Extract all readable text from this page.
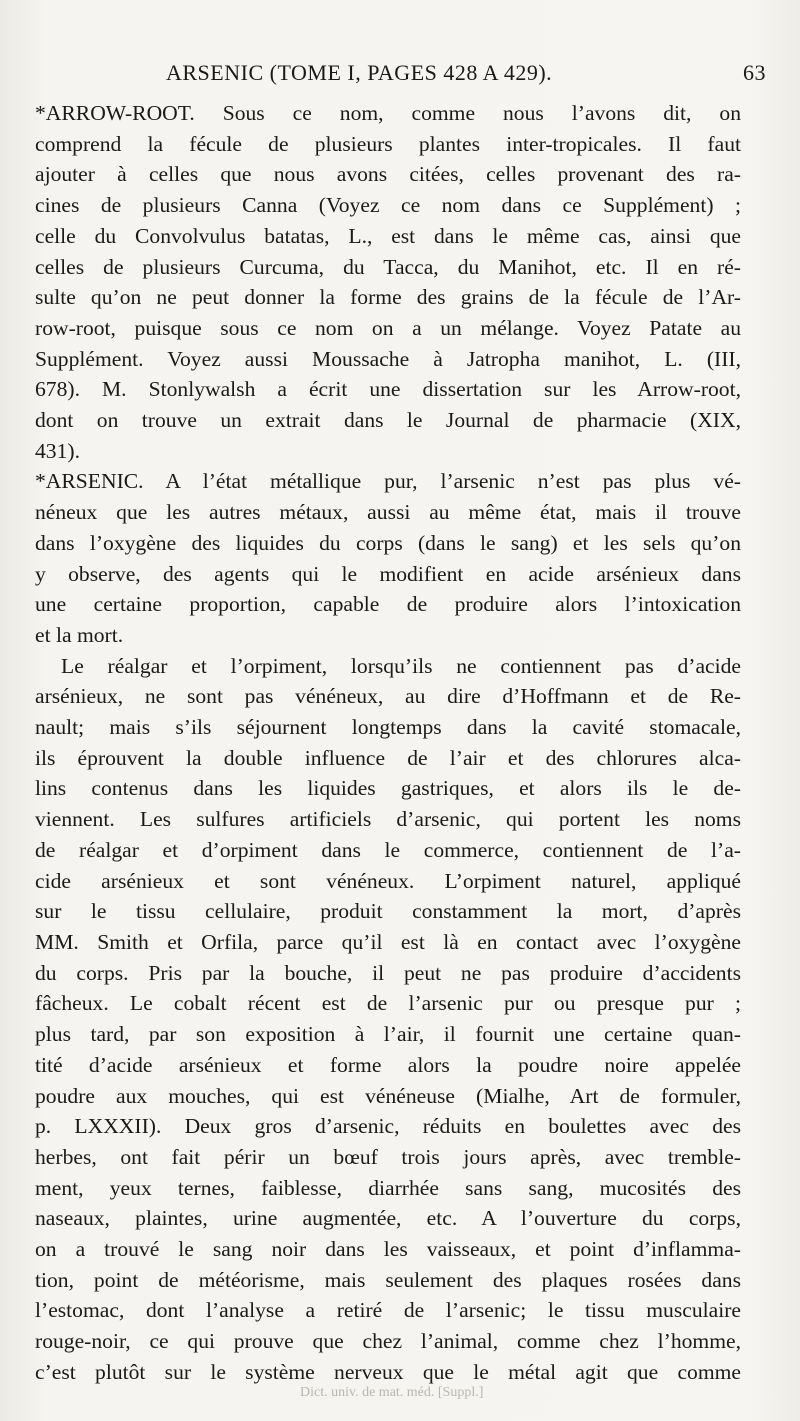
ARSENIC (TOME I, PAGES 428 A 429).	63

*ARROW-ROOT. Sous ce nom, comme nous l’avons dit, on
comprend la fécule de plusieurs plantes inter-tropicales. Il faut
ajouter à celles que nous avons citées, celles provenant des ra-
cines de plusieurs Canna (Voyez ce nom dans ce Supplément) ;
celle du Convolvulus batatas, L., est dans le même cas, ainsi que
celles de plusieurs Curcuma, du Tacca, du Manihot, etc. Il en ré-
sulte qu’on ne peut donner la forme des grains de la fécule de l’Ar-
row-root, puisque sous ce nom on a un mélange. Voyez Patate au
Supplément. Voyez aussi Moussache à Jatropha manihot, L. (III,
678). M. Stonlywalsh a écrit une dissertation sur les Arrow-root,
dont on trouve un extrait dans le Journal de pharmacie (XIX,
431).

*ARSENIC. A l’état métallique pur, l’arsenic n’est pas plus vé-
néneux que les autres métaux, aussi au même état, mais il trouve
dans l’oxygène des liquides du corps (dans le sang) et les sels qu’on
y observe, des agents qui le modifient en acide arsénieux dans
une certaine proportion, capable de produire alors l’intoxication
et la mort.

Le réalgar et l’orpiment, lorsqu’ils ne contiennent pas d’acide
arsénieux, ne sont pas vénéneux, au dire d’Hoffmann et de Re-
nault; mais s’ils séjournent longtemps dans la cavité stomacale,
ils éprouvent la double influence de l’air et des chlorures alca-
lins contenus dans les liquides gastriques, et alors ils le de-
viennent. Les sulfures artificiels d’arsenic, qui portent les noms
de réalgar et d’orpiment dans le commerce, contiennent de l’a-
cide arsénieux et sont vénéneux. L’orpiment naturel, appliqué
sur le tissu cellulaire, produit constamment la mort, d’après
MM. Smith et Orfila, parce qu’il est là en contact avec l’oxygène
du corps. Pris par la bouche, il peut ne pas produire d’accidents
fâcheux. Le cobalt récent est de l’arsenic pur ou presque pur ;
plus tard, par son exposition à l’air, il fournit une certaine quan-
tité d’acide arsénieux et forme alors la poudre noire appelée
poudre aux mouches, qui est vénéneuse (Mialhe, Art de formuler,
p. LXXXII). Deux gros d’arsenic, réduits en boulettes avec des
herbes, ont fait périr un bœuf trois jours après, avec tremble-
ment, yeux ternes, faiblesse, diarrhée sans sang, mucosités des
naseaux, plaintes, urine augmentée, etc. A l’ouverture du corps,
on a trouvé le sang noir dans les vaisseaux, et point d’inflamma-
tion, point de météorisme, mais seulement des plaques rosées dans
l’estomac, dont l’analyse a retiré de l’arsenic; le tissu musculaire
rouge-noir, ce qui prouve que chez l’animal, comme chez l’homme,
c’est plutôt sur le système nerveux que le métal agit que comme

Dict. univ. de mat. méd. [Suppl.]
